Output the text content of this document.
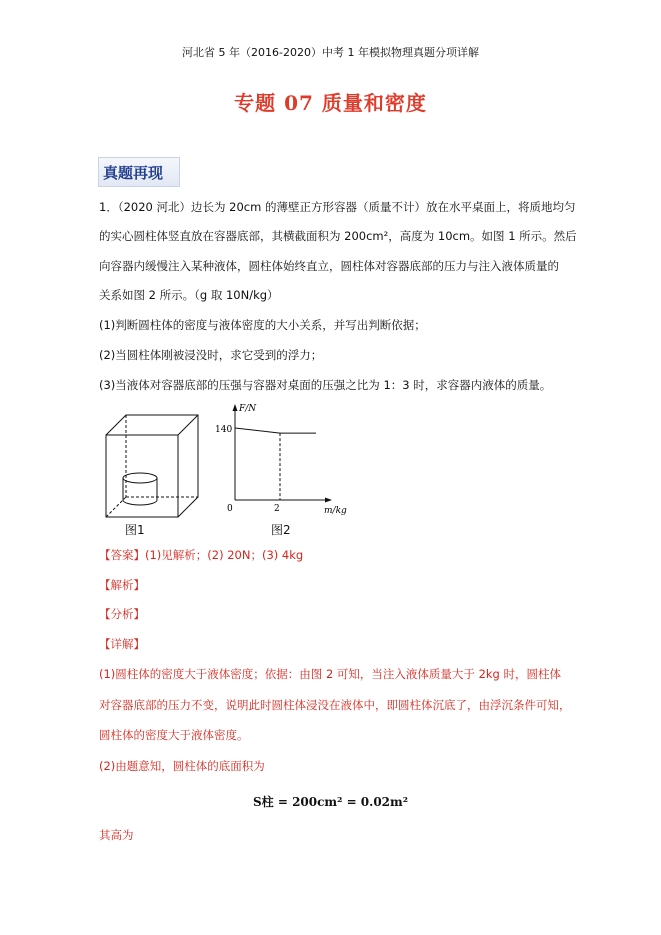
河北省 5 年（2016-2020）中考 1 年模拟物理真题分项详解
专题 07 质量和密度
真题再现
1．（2020 河北）边长为 20cm 的薄壁正方形容器（质量不计）放在水平桌面上，将质地均匀
的实心圆柱体竖直放在容器底部，其横截面积为 200cm²，高度为 10cm。如图 1 所示。然后
向容器内缓慢注入某种液体，圆柱体始终直立，圆柱体对容器底部的压力与注入液体质量的
关系如图 2 所示。（g 取 10N/kg）
(1)判断圆柱体的密度与液体密度的大小关系，并写出判断依据；
(2)当圆柱体刚被浸没时，求它受到的浮力；
(3)当液体对容器底部的压强与容器对桌面的压强之比为 1：3 时，求容器内液体的质量。
图1
F/N
m/kg
140
0	2
图2
【答案】(1)见解析；(2) 20N；(3) 4kg
【解析】
【分析】
【详解】
(1)圆柱体的密度大于液体密度；依据：由图 2 可知，当注入液体质量大于 2kg 时，圆柱体
对容器底部的压力不变，说明此时圆柱体浸没在液体中，即圆柱体沉底了，由浮沉条件可知，
圆柱体的密度大于液体密度。
(2)由题意知，圆柱体的底面积为
S柱 = 200cm² = 0.02m²
其高为
